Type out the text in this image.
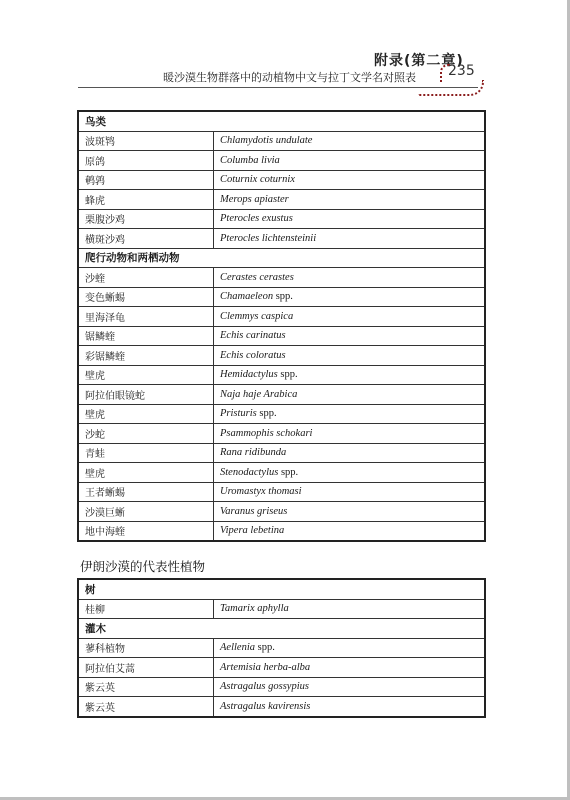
附录(第二章)
235
暖沙漠生物群落中的动植物中文与拉丁文学名对照表
鸟类	
波斑鸨	Chlamydotis undulate
原鸽	Columba livia
鹌鹑	Coturnix coturnix
蜂虎	Merops apiaster
栗腹沙鸡	Pterocles exustus
横斑沙鸡	Pterocles lichtensteinii
爬行动物和两栖动物	
沙蝰	Cerastes cerastes
变色蜥蜴	Chamaeleon spp.
里海泽龟	Clemmys caspica
锯鳞蝰	Echis carinatus
彩锯鳞蝰	Echis coloratus
壁虎	Hemidactylus spp.
阿拉伯眼镜蛇	Naja haje Arabica
壁虎	Pristuris spp.
沙蛇	Psammophis schokari
青蛙	Rana ridibunda
壁虎	Stenodactylus spp.
王者蜥蜴	Uromastyx thomasi
沙漠巨蜥	Varanus griseus
地中海蝰	Vipera lebetina
伊朗沙漠的代表性植物
树	
桂柳	Tamarix aphylla
灌木	
蓼科植物	Aellenia spp.
阿拉伯艾蒿	Artemisia herba-alba
紫云英	Astragalus gossypius
紫云英	Astragalus kavirensis
